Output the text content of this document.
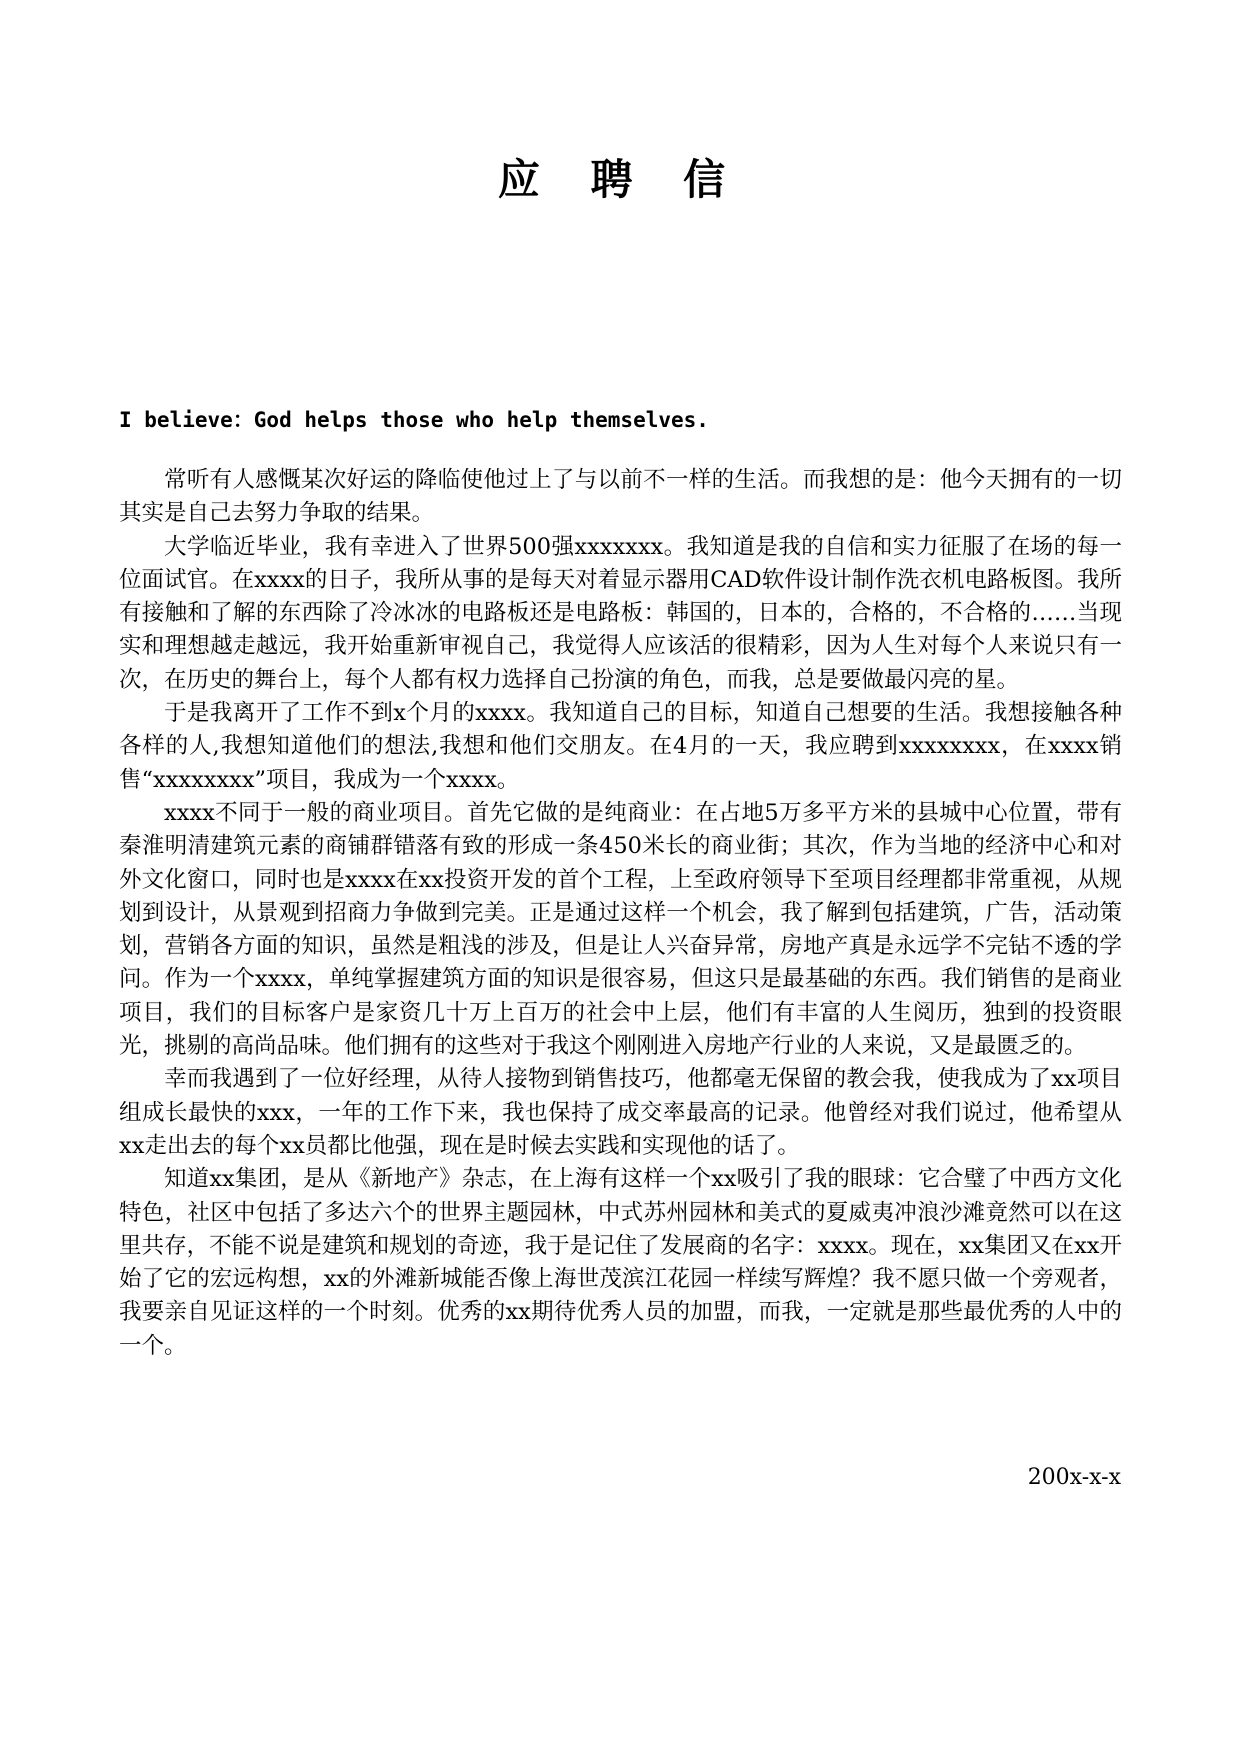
应 聘 信
I believe：God helps those who help themselves.

常听有人感慨某次好运的降临使他过上了与以前不一样的生活。而我想的是：他今天拥有的一切其实是自己去努力争取的结果。

大学临近毕业，我有幸进入了世界500强xxxxxxx。我知道是我的自信和实力征服了在场的每一位面试官。在xxxx的日子，我所从事的是每天对着显示器用CAD软件设计制作洗衣机电路板图。我所有接触和了解的东西除了冷冰冰的电路板还是电路板：韩国的，日本的，合格的，不合格的……当现实和理想越走越远，我开始重新审视自己，我觉得人应该活的很精彩，因为人生对每个人来说只有一次，在历史的舞台上，每个人都有权力选择自己扮演的角色，而我，总是要做最闪亮的星。

于是我离开了工作不到x个月的xxxx。我知道自己的目标，知道自己想要的生活。我想接触各种各样的人,我想知道他们的想法,我想和他们交朋友。在4月的一天，我应聘到xxxxxxxx，在xxxx销售“xxxxxxxx”项目，我成为一个xxxx。

xxxx不同于一般的商业项目。首先它做的是纯商业：在占地5万多平方米的县城中心位置，带有秦淮明清建筑元素的商铺群错落有致的形成一条450米长的商业街；其次，作为当地的经济中心和对外文化窗口，同时也是xxxx在xx投资开发的首个工程，上至政府领导下至项目经理都非常重视，从规划到设计，从景观到招商力争做到完美。正是通过这样一个机会，我了解到包括建筑，广告，活动策划，营销各方面的知识，虽然是粗浅的涉及，但是让人兴奋异常，房地产真是永远学不完钻不透的学问。作为一个xxxx，单纯掌握建筑方面的知识是很容易，但这只是最基础的东西。我们销售的是商业项目，我们的目标客户是家资几十万上百万的社会中上层，他们有丰富的人生阅历，独到的投资眼光，挑剔的高尚品味。他们拥有的这些对于我这个刚刚进入房地产行业的人来说，又是最匮乏的。

幸而我遇到了一位好经理，从待人接物到销售技巧，他都毫无保留的教会我，使我成为了xx项目组成长最快的xxx，一年的工作下来，我也保持了成交率最高的记录。他曾经对我们说过，他希望从xx走出去的每个xx员都比他强，现在是时候去实践和实现他的话了。

知道xx集团，是从《新地产》杂志，在上海有这样一个xx吸引了我的眼球：它合璧了中西方文化特色，社区中包括了多达六个的世界主题园林，中式苏州园林和美式的夏威夷冲浪沙滩竟然可以在这里共存，不能不说是建筑和规划的奇迹，我于是记住了发展商的名字：xxxx。现在，xx集团又在xx开始了它的宏远构想，xx的外滩新城能否像上海世茂滨江花园一样续写辉煌？我不愿只做一个旁观者，我要亲自见证这样的一个时刻。优秀的xx期待优秀人员的加盟，而我，一定就是那些最优秀的人中的一个。

200x-x-x
